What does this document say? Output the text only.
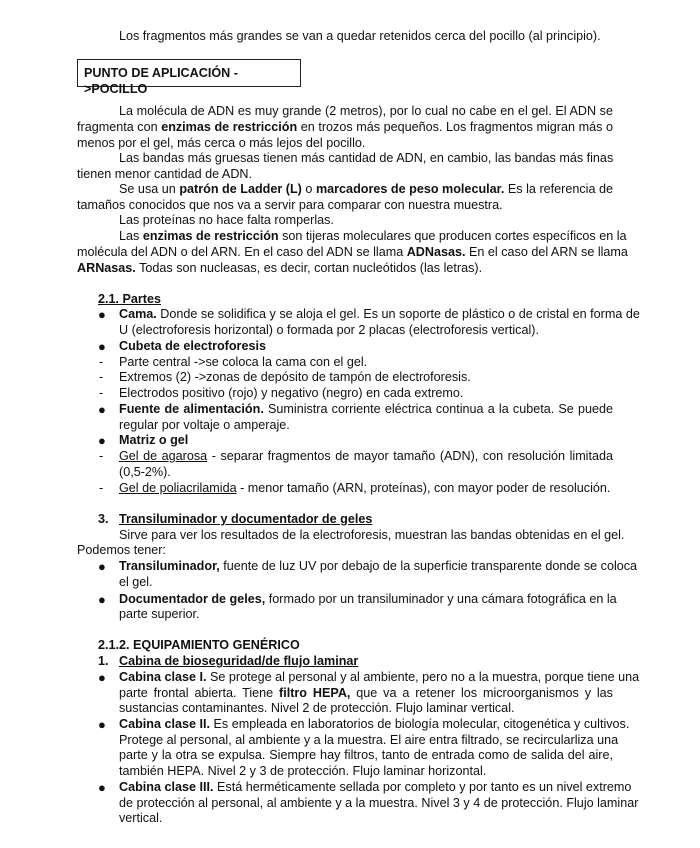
Los fragmentos más grandes se van a quedar retenidos cerca del pocillo (al principio).
PUNTO DE APLICACIÓN ->POCILLO
La molécula de ADN es muy grande (2 metros), por lo cual no cabe en el gel. El ADN se
fragmenta con enzimas de restricción en trozos más pequeños. Los fragmentos migran más o
menos por el gel, más cerca o más lejos del pocillo.
Las bandas más gruesas tienen más cantidad de ADN, en cambio, las bandas más finas
tienen menor cantidad de ADN.
Se usa un patrón de Ladder (L) o marcadores de peso molecular. Es la referencia de
tamaños conocidos que nos va a servir para comparar con nuestra muestra.
Las proteínas no hace falta romperlas.
Las enzimas de restricción son tijeras moleculares que producen cortes específicos en la
molécula del ADN o del ARN. En el caso del ADN se llama ADNasas. En el caso del ARN se llama
ARNasas. Todas son nucleasas, es decir, cortan nucleótidos (las letras).
2.1. Partes
● Cama. Donde se solidifica y se aloja el gel. Es un soporte de plástico o de cristal en forma de
U (electroforesis horizontal) o formada por 2 placas (electroforesis vertical).
● Cubeta de electroforesis
- Parte central ->se coloca la cama con el gel.
- Extremos (2) ->zonas de depósito de tampón de electroforesis.
- Electrodos positivo (rojo) y negativo (negro) en cada extremo.
● Fuente de alimentación. Suministra corriente eléctrica continua a la cubeta. Se puede
regular por voltaje o amperaje.
● Matriz o gel
- Gel de agarosa - separar fragmentos de mayor tamaño (ADN), con resolución limitada
(0,5-2%).
- Gel de poliacrilamida - menor tamaño (ARN, proteínas), con mayor poder de resolución.
3. Transiluminador y documentador de geles
Sirve para ver los resultados de la electroforesis, muestran las bandas obtenidas en el gel.
Podemos tener:
● Transiluminador, fuente de luz UV por debajo de la superficie transparente donde se coloca
el gel.
● Documentador de geles, formado por un transiluminador y una cámara fotográfica en la
parte superior.
2.1.2. EQUIPAMIENTO GENÉRICO
1. Cabina de bioseguridad/de flujo laminar
● Cabina clase I. Se protege al personal y al ambiente, pero no a la muestra, porque tiene una
parte frontal abierta. Tiene filtro HEPA, que va a retener los microorganismos y las
sustancias contaminantes. Nivel 2 de protección. Flujo laminar vertical.
● Cabina clase II. Es empleada en laboratorios de biología molecular, citogenética y cultivos.
Protege al personal, al ambiente y a la muestra. El aire entra filtrado, se recircularliza una
parte y la otra se expulsa. Siempre hay filtros, tanto de entrada como de salida del aire,
también HEPA. Nivel 2 y 3 de protección. Flujo laminar horizontal.
● Cabina clase III. Está herméticamente sellada por completo y por tanto es un nivel extremo
de protección al personal, al ambiente y a la muestra. Nivel 3 y 4 de protección. Flujo laminar
vertical.
